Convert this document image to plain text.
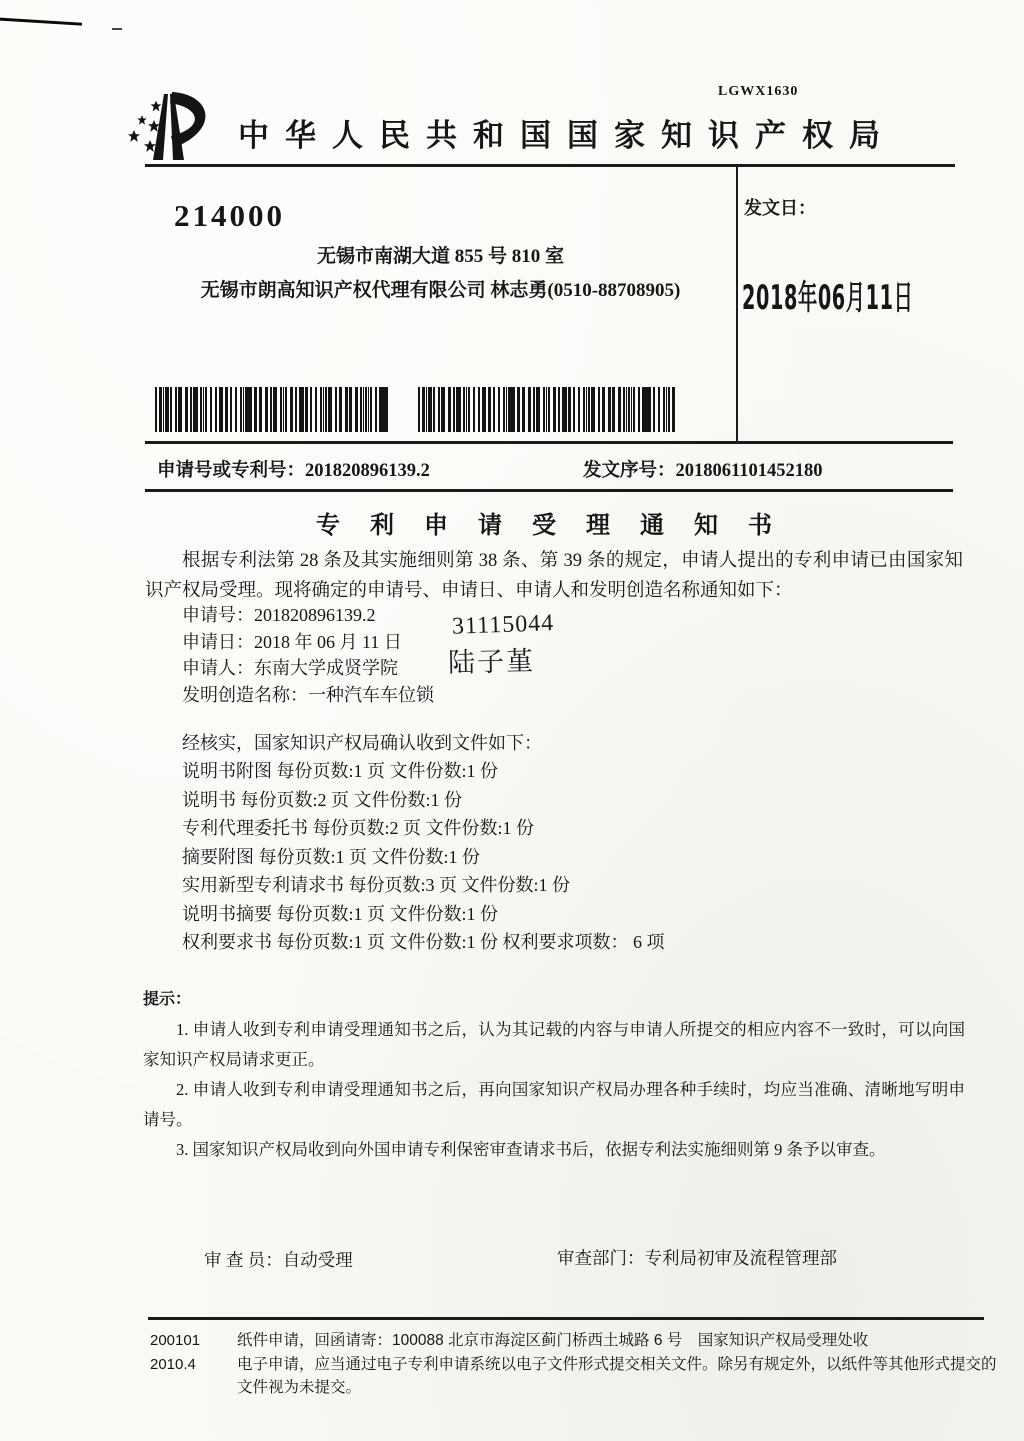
LGWX1630
中华人民共和国国家知识产权局
214000
无锡市南湖大道 855 号 810 室
无锡市朗高知识产权代理有限公司 林志勇(0510-88708905)
发文日：
2018年06月11日
申请号或专利号：201820896139.2	发文序号：2018061101452180
专 利 申 请 受 理 通 知 书
根据专利法第 28 条及其实施细则第 38 条、第 39 条的规定，申请人提出的专利申请已由国家知识产权局受理。现将确定的申请号、申请日、申请人和发明创造名称通知如下：
申请号：201820896139.2
申请日：2018 年 06 月 11 日
申请人：东南大学成贤学院
发明创造名称：一种汽车车位锁
31115044
陆子堇
经核实，国家知识产权局确认收到文件如下：
说明书附图 每份页数:1 页 文件份数:1 份
说明书 每份页数:2 页 文件份数:1 份
专利代理委托书 每份页数:2 页 文件份数:1 份
摘要附图 每份页数:1 页 文件份数:1 份
实用新型专利请求书 每份页数:3 页 文件份数:1 份
说明书摘要 每份页数:1 页 文件份数:1 份
权利要求书 每份页数:1 页 文件份数:1 份 权利要求项数： 6 项

提示：

1. 申请人收到专利申请受理通知书之后，认为其记载的内容与申请人所提交的相应内容不一致时，可以向国家知识产权局请求更正。

2. 申请人收到专利申请受理通知书之后，再向国家知识产权局办理各种手续时，均应当准确、清晰地写明申请号。

3. 国家知识产权局收到向外国申请专利保密审查请求书后，依据专利法实施细则第 9 条予以审查。

审 查 员：自动受理	审查部门：专利局初审及流程管理部
200101
2010.4
纸件申请，回函请寄：100088 北京市海淀区蓟门桥西土城路 6 号　国家知识产权局受理处收
电子申请，应当通过电子专利申请系统以电子文件形式提交相关文件。除另有规定外，以纸件等其他形式提交的
文件视为未提交。
